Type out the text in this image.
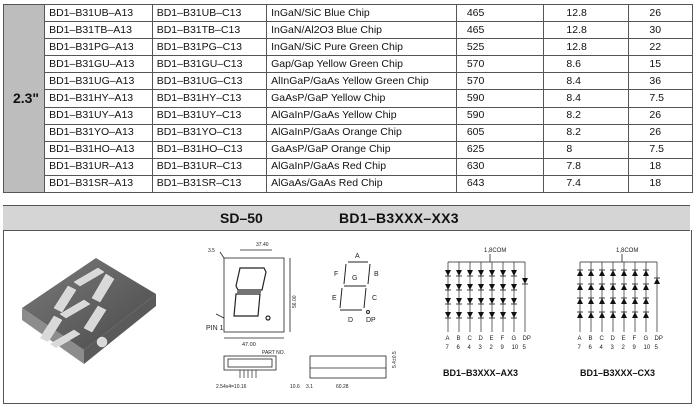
2.3"	BD1–B31UB–A13	BD1–B31UB–C13	InGaN/SiC Blue Chip	465	12.8	26
	BD1–B31TB–A13	BD1–B31TB–C13	InGaN/Al2O3 Blue Chip	465	12.8	30
	BD1–B31PG–A13	BD1–B31PG–C13	InGaN/SiC Pure Green Chip	525	12.8	22
	BD1–B31GU–A13	BD1–B31GU–C13	Gap/Gap Yellow Green Chip	570	8.6	15
	BD1–B31UG–A13	BD1–B31UG–C13	AlInGaP/GaAs Yellow Green Chip	570	8.4	36
	BD1–B31HY–A13	BD1–B31HY–C13	GaAsP/GaP Yellow Chip	590	8.4	7.5
	BD1–B31UY–A13	BD1–B31UY–C13	AlGaInP/GaAs Yellow Chip	590	8.2	26
	BD1–B31YO–A13	BD1–B31YO–C13	AlGaInP/GaAs Orange Chip	605	8.2	26
	BD1–B31HO–A13	BD1–B31HO–C13	GaAsP/GaP Orange Chip	625	8	7.5
	BD1–B31UR–A13	BD1–B31UR–C13	AlGaInP/GaAs Red Chip	630	7.8	18
	BD1–B31SR–A13	BD1–B31SR–C13	AlGaAs/GaAs Red Chip	643	7.4	18
SD–50	BD1–B3XXX–XX3
37.40
3.5
47.00
56.00
PIN 1
2.54x4=10.16
PART NO.
10.6 3.1	60.28
5.4±0.5
A
B
C
D
E
F
G
DP
1,8COM
A
7
B
6
C
4
D
3
E
2
F
9
G
10
DP
5
BD1–B3XXX–AX3
1,8COM
A
7
B
6
C
4
D
3
E
2
F
9
G
10
DP
5
BD1–B3XXX–CX3
